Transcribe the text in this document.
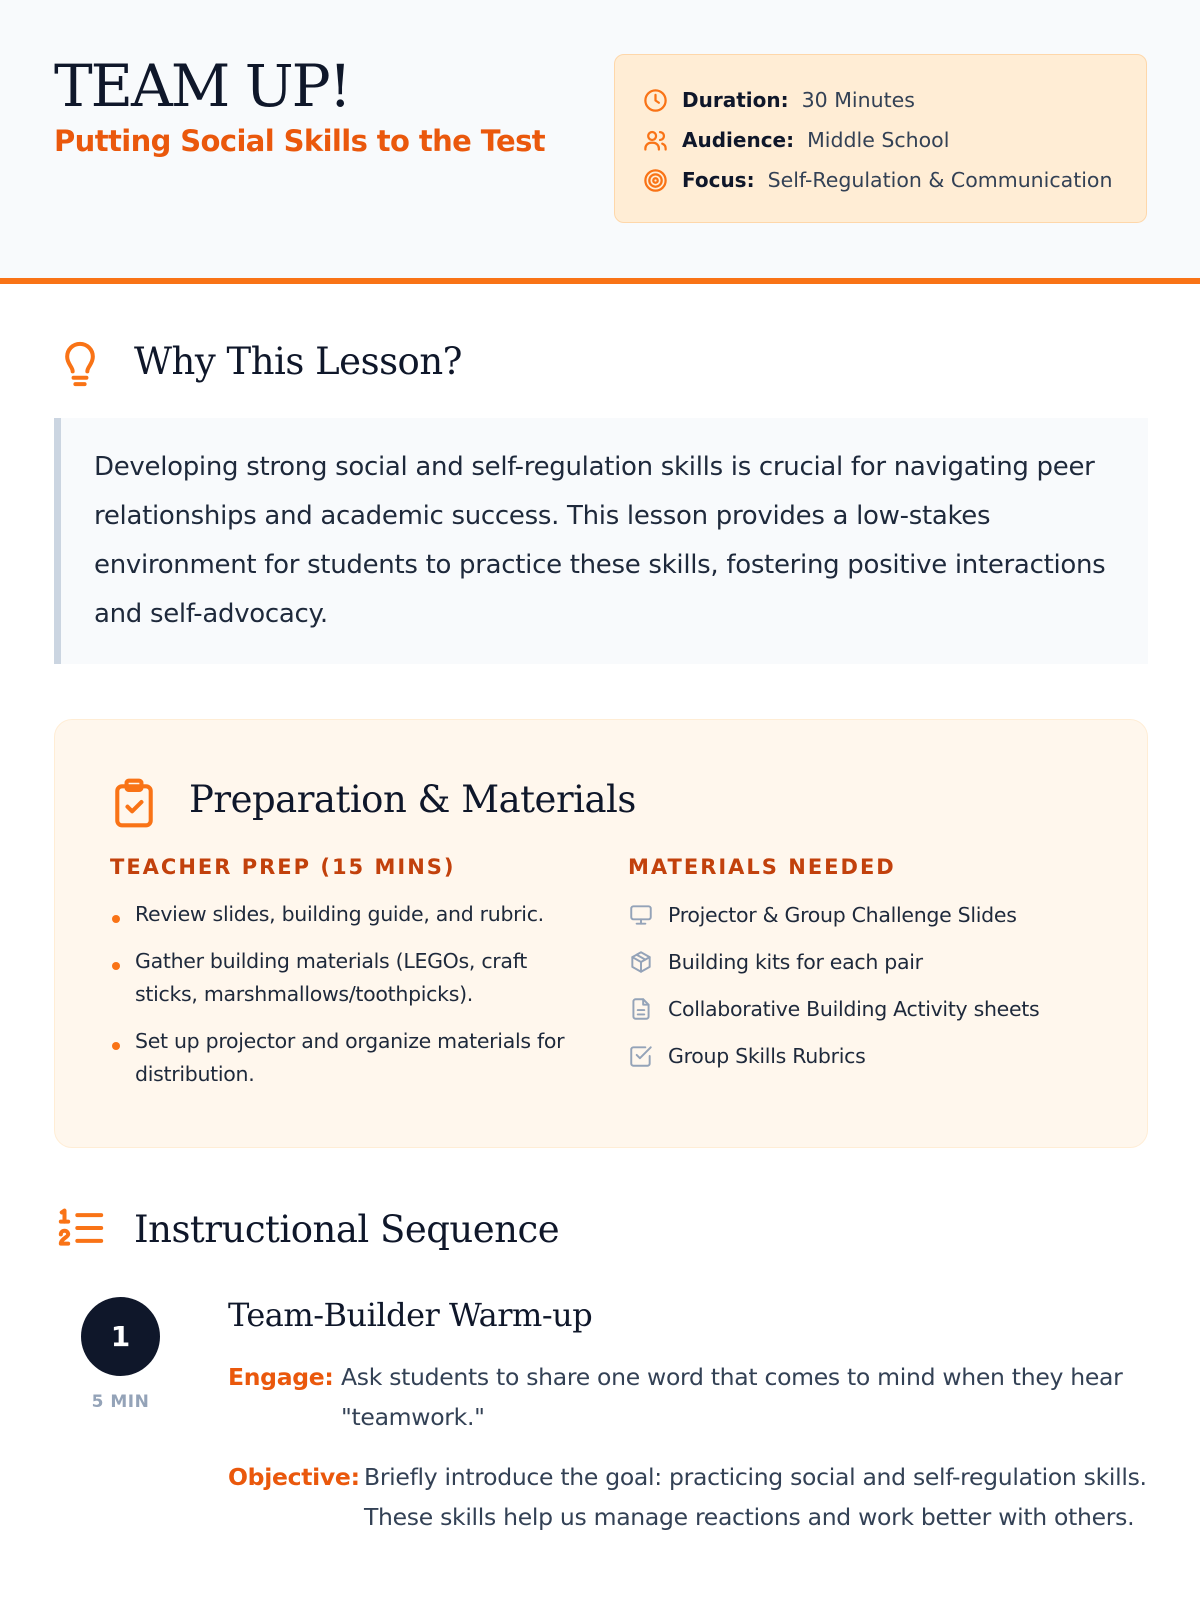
TEAM UP!
Putting Social Skills to the Test
Duration: 30 Minutes
Audience: Middle School
Focus: Self-Regulation & Communication
Why This Lesson?
Developing strong social and self-regulation skills is crucial for navigating peer relationships and academic success. This lesson provides a low-stakes environment for students to practice these skills, fostering positive interactions and self-advocacy.
Preparation & Materials
TEACHER PREP (15 MINS)	MATERIALS NEEDED
Review slides, building guide, and rubric.
Gather building materials (LEGOs, craft sticks, marshmallows/toothpicks).
Set up projector and organize materials for distribution.
Projector & Group Challenge Slides
Building kits for each pair
Collaborative Building Activity sheets
Group Skills Rubrics
Instructional Sequence
1
5 MIN
Team-Builder Warm-up
Engage: Ask students to share one word that comes to mind when they hear "teamwork."
Objective: Briefly introduce the goal: practicing social and self-regulation skills. These skills help us manage reactions and work better with others.
